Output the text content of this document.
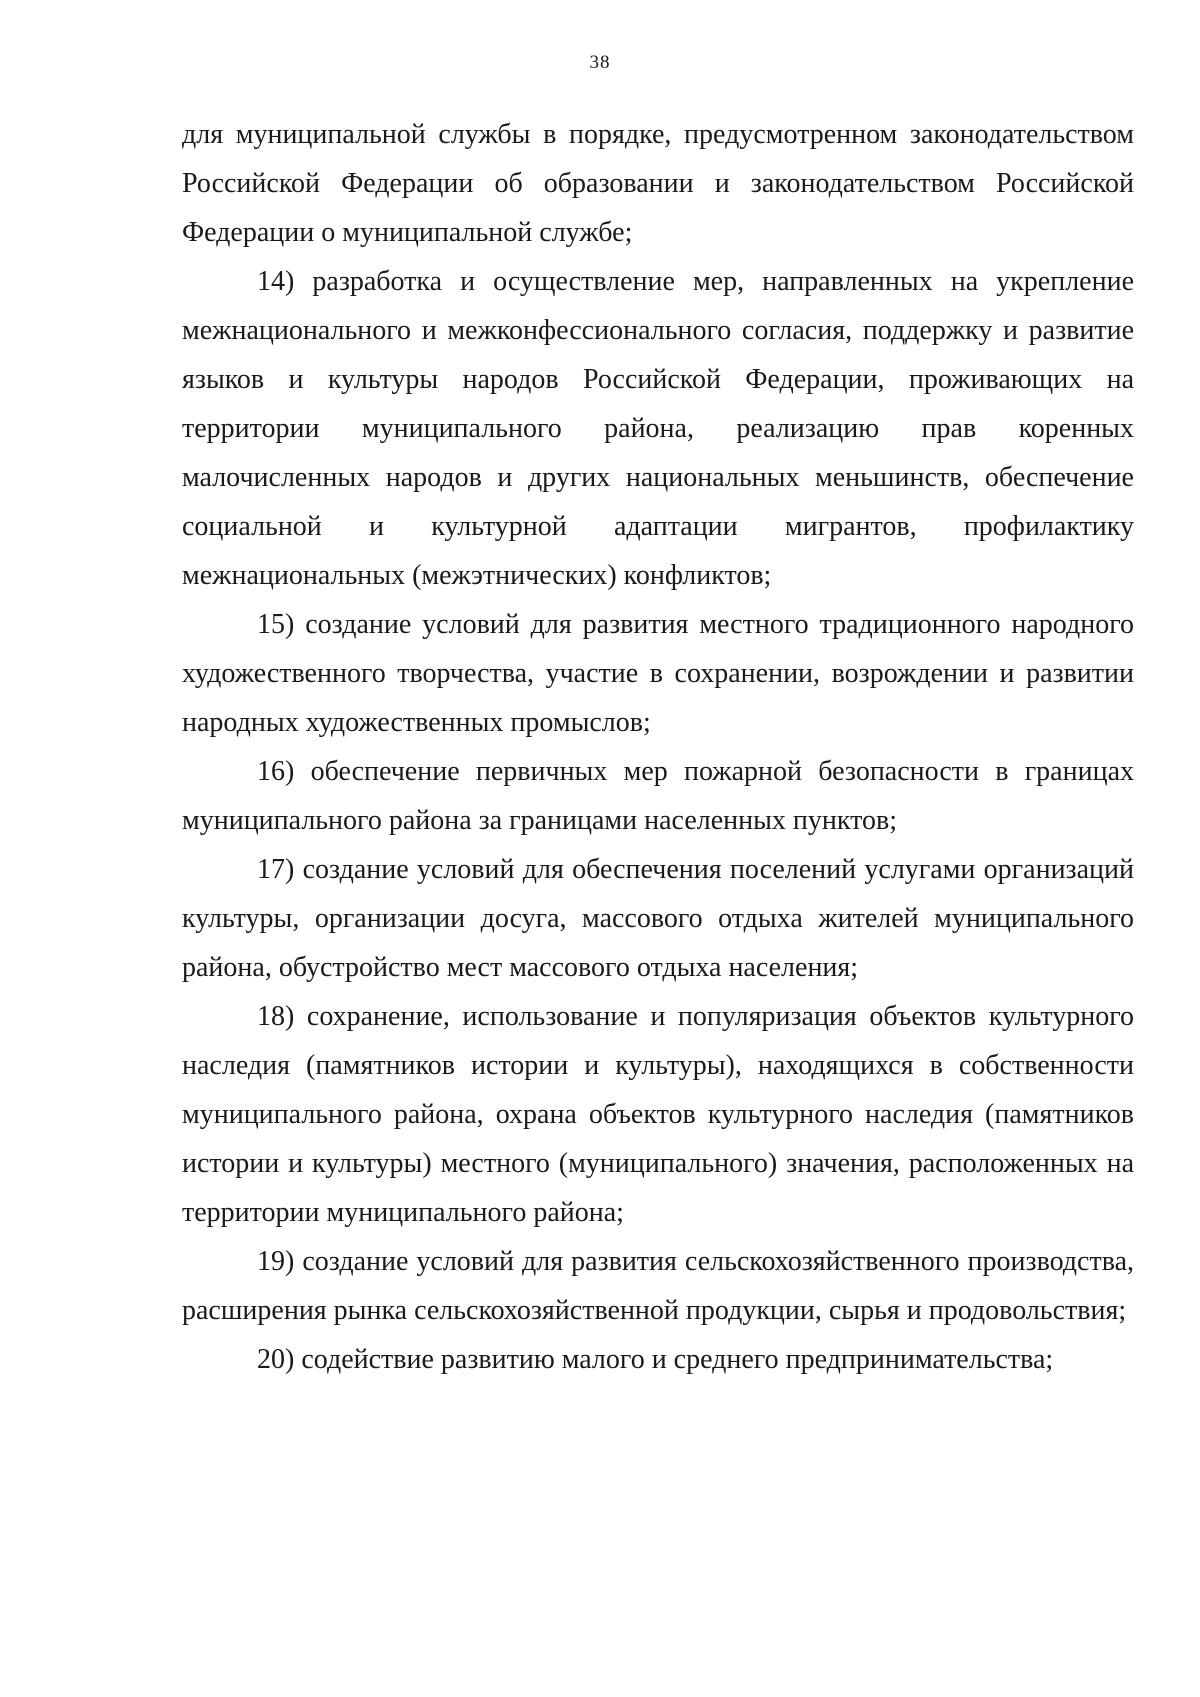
38

для муниципальной службы в порядке, предусмотренном законодательством Российской Федерации об образовании и законодательством Российской Федерации о муниципальной службе;

14) разработка и осуществление мер, направленных на укрепление межнационального и межконфессионального согласия, поддержку и развитие языков и культуры народов Российской Федерации, проживающих на территории муниципального района, реализацию прав коренных малочисленных народов и других национальных меньшинств, обеспечение социальной и культурной адаптации мигрантов, профилактику межнациональных (межэтнических) конфликтов;

15) создание условий для развития местного традиционного народного художественного творчества, участие в сохранении, возрождении и развитии народных художественных промыслов;

16) обеспечение первичных мер пожарной безопасности в границах муниципального района за границами населенных пунктов;

17) создание условий для обеспечения поселений услугами организаций культуры, организации досуга, массового отдыха жителей муниципального района, обустройство мест массового отдыха населения;

18) сохранение, использование и популяризация объектов культурного наследия (памятников истории и культуры), находящихся в собственности муниципального района, охрана объектов культурного наследия (памятников истории и культуры) местного (муниципального) значения, расположенных на территории муниципального района;

19) создание условий для развития сельскохозяйственного производства, расширения рынка сельскохозяйственной продукции, сырья и продовольствия;

20) содействие развитию малого и среднего предпринимательства;
